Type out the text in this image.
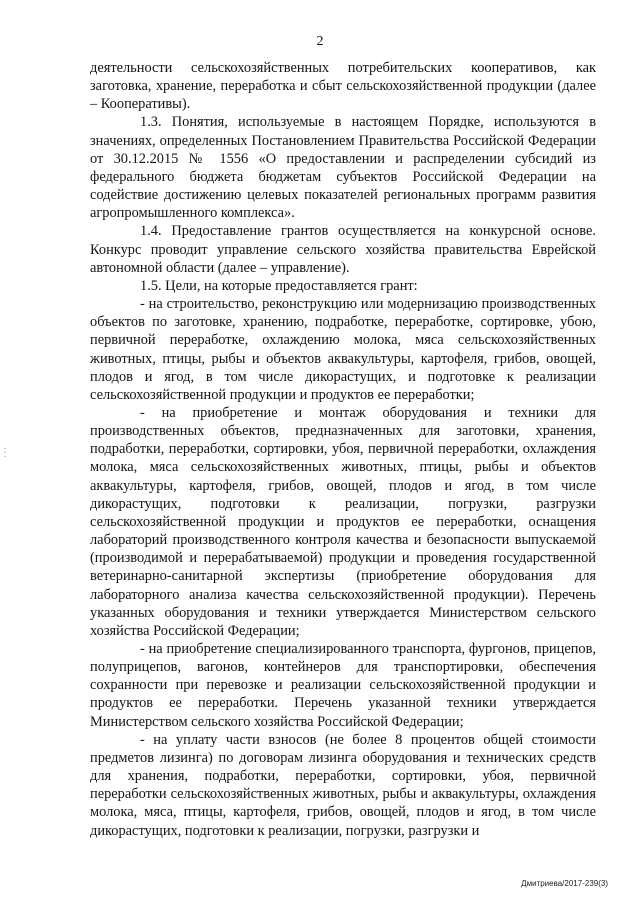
2

деятельности сельскохозяйственных потребительских кооперативов, как заготовка, хранение, переработка и сбыт сельскохозяйственной продукции (далее – Кооперативы).

1.3. Понятия, используемые в настоящем Порядке, используются в значениях, определенных Постановлением Правительства Российской Федерации от 30.12.2015 № 1556 «О предоставлении и распределении субсидий из федерального бюджета бюджетам субъектов Российской Федерации на содействие достижению целевых показателей региональных программ развития агропромышленного комплекса».

1.4. Предоставление грантов осуществляется на конкурсной основе. Конкурс проводит управление сельского хозяйства правительства Еврейской автономной области (далее – управление).

1.5. Цели, на которые предоставляется грант:

- на строительство, реконструкцию или модернизацию производственных объектов по заготовке, хранению, подработке, переработке, сортировке, убою, первичной переработке, охлаждению молока, мяса сельскохозяйственных животных, птицы, рыбы и объектов аквакультуры, картофеля, грибов, овощей, плодов и ягод, в том числе дикорастущих, и подготовке к реализации сельскохозяйственной продукции и продуктов ее переработки;

- на приобретение и монтаж оборудования и техники для производственных объектов, предназначенных для заготовки, хранения, подработки, переработки, сортировки, убоя, первичной переработки, охлаждения молока, мяса сельскохозяйственных животных, птицы, рыбы и объектов аквакультуры, картофеля, грибов, овощей, плодов и ягод, в том числе дикорастущих, подготовки к реализации, погрузки, разгрузки сельскохозяйственной продукции и продуктов ее переработки, оснащения лабораторий производственного контроля качества и безопасности выпускаемой (производимой и перерабатываемой) продукции и проведения государственной ветеринарно-санитарной экспертизы (приобретение оборудования для лабораторного анализа качества сельскохозяйственной продукции). Перечень указанных оборудования и техники утверждается Министерством сельского хозяйства Российской Федерации;

- на приобретение специализированного транспорта, фургонов, прицепов, полуприцепов, вагонов, контейнеров для транспортировки, обеспечения сохранности при перевозке и реализации сельскохозяйственной продукции и продуктов ее переработки. Перечень указанной техники утверждается Министерством сельского хозяйства Российской Федерации;

- на уплату части взносов (не более 8 процентов общей стоимости предметов лизинга) по договорам лизинга оборудования и технических средств для хранения, подработки, переработки, сортировки, убоя, первичной переработки сельскохозяйственных животных, рыбы и аквакультуры, охлаждения молока, мяса, птицы, картофеля, грибов, овощей, плодов и ягод, в том числе дикорастущих, подготовки к реализации, погрузки, разгрузки и

Дмитриева/2017-239(3)
